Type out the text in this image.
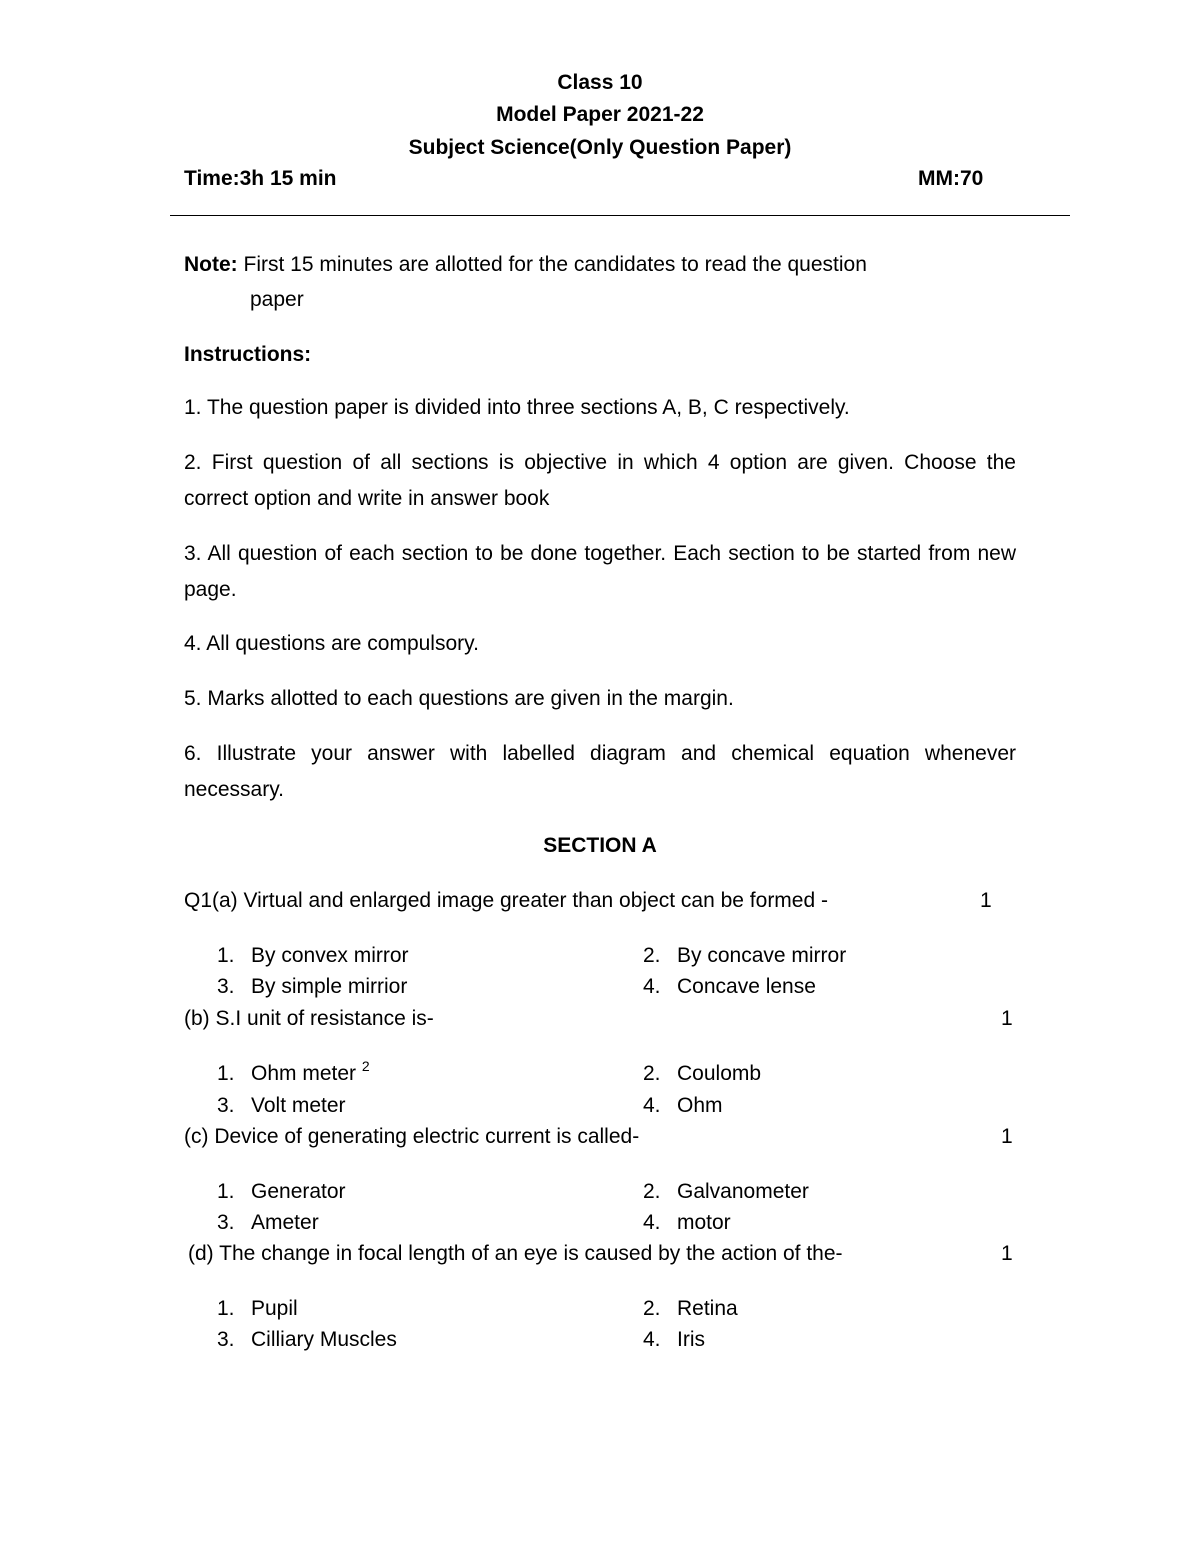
Class 10
Model Paper 2021-22
Subject Science(Only Question Paper)
Time:3h 15 min	MM:70
Note: First 15 minutes are allotted for the candidates to read the question
paper
Instructions:
1. The question paper is divided into three sections A, B, C respectively.
2. First question of all sections is objective in which 4 option are given. Choose the correct option and write in answer book
3. All question of each section to be done together. Each section to be started from new page.
4. All questions are compulsory.
5. Marks allotted to each questions are given in the margin.
6. Illustrate your answer with labelled diagram and chemical equation whenever necessary.
SECTION A
Q1(a) Virtual and enlarged image greater than object can be formed -	1
1. By convex mirror	2. By concave mirror
3. By simple mirrior	4. Concave lense
(b) S.I unit of resistance is-	1
1. Ohm meter $^2$	2. Coulomb
3. Volt meter	4. Ohm
(c) Device of generating electric current is called-	1
1. Generator	2. Galvanometer
3. Ameter	4. motor
(d) The change in focal length of an eye is caused by the action of the-	1
1. Pupil	2. Retina
3. Cilliary Muscles	4. Iris
